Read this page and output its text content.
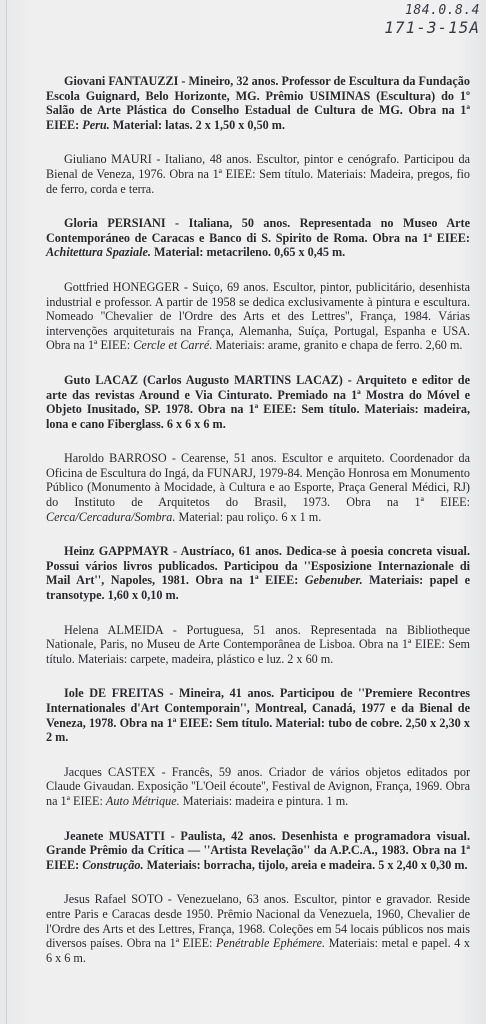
184.0.8.4
171-3-15A

Giovani FANTAUZZI - Mineiro, 32 anos. Professor de Escultura da Fundação Escola Guignard, Belo Horizonte, MG. Prêmio USIMINAS (Escultura) do 1º Salão de Arte Plástica do Conselho Estadual de Cultura de MG. Obra na 1ª EIEE: Peru. Material: latas. 2 x 1,50 x 0,50 m.

Giuliano MAURI - Italiano, 48 anos. Escultor, pintor e cenógrafo. Participou da Bienal de Veneza, 1976. Obra na 1ª EIEE: Sem título. Materiais: Madeira, pregos, fio de ferro, corda e terra.

Gloria PERSIANI - Italiana, 50 anos. Representada no Museo Arte Contemporáneo de Caracas e Banco di S. Spirito de Roma. Obra na 1ª EIEE: Achitettura Spaziale. Material: metacrileno. 0,65 x 0,45 m.

Gottfried HONEGGER - Suiço, 69 anos. Escultor, pintor, publicitário, desenhista industrial e professor. A partir de 1958 se dedica exclusivamente à pintura e escultura. Nomeado ''Chevalier de l'Ordre des Arts et des Lettres'', França, 1984. Várias intervenções arquiteturais na França, Alemanha, Suíça, Portugal, Espanha e USA. Obra na 1ª EIEE: Cercle et Carré. Materiais: arame, granito e chapa de ferro. 2,60 m.

Guto LACAZ (Carlos Augusto MARTINS LACAZ) - Arquiteto e editor de arte das revistas Around e Via Cinturato. Premiado na 1ª Mostra do Móvel e Objeto Inusitado, SP. 1978. Obra na 1ª EIEE: Sem título. Materiais: madeira, lona e cano Fiberglass. 6 x 6 x 6 m.

Haroldo BARROSO - Cearense, 51 anos. Escultor e arquiteto. Coordenador da Oficina de Escultura do Ingá, da FUNARJ, 1979-84. Menção Honrosa em Monumento Público (Monumento à Mocidade, à Cultura e ao Esporte, Praça General Médici, RJ) do Instituto de Arquitetos do Brasil, 1973. Obra na 1ª EIEE: Cerca/Cercadura/Sombra. Material: pau roliço. 6 x 1 m.

Heinz GAPPMAYR - Austríaco, 61 anos. Dedica-se à poesia concreta visual. Possui vários livros publicados. Participou da ''Esposizione Internazionale di Mail Art'', Napoles, 1981. Obra na 1ª EIEE: Gebenuber. Materiais: papel e transotype. 1,60 x 0,10 m.

Helena ALMEIDA - Portuguesa, 51 anos. Representada na Bibliotheque Nationale, Paris, no Museu de Arte Contemporânea de Lisboa. Obra na 1ª EIEE: Sem título. Materiais: carpete, madeira, plástico e luz. 2 x 60 m.

Iole DE FREITAS - Mineira, 41 anos. Participou de ''Premiere Recontres Internationales d'Art Contemporain'', Montreal, Canadá, 1977 e da Bienal de Veneza, 1978. Obra na 1ª EIEE: Sem título. Material: tubo de cobre. 2,50 x 2,30 x 2 m.

Jacques CASTEX - Francês, 59 anos. Criador de vários objetos editados por Claude Givaudan. Exposição ''L'Oeil écoute'', Festival de Avignon, França, 1969. Obra na 1ª EIEE: Auto Métrique. Materiais: madeira e pintura. 1 m.

Jeanete MUSATTI - Paulista, 42 anos. Desenhista e programadora visual. Grande Prêmio da Crítica — ''Artista Revelação'' da A.P.C.A., 1983. Obra na 1ª EIEE: Construção. Materiais: borracha, tijolo, areia e madeira. 5 x 2,40 x 0,30 m.

Jesus Rafael SOTO - Venezuelano, 63 anos. Escultor, pintor e gravador. Reside entre Paris e Caracas desde 1950. Prêmio Nacional da Venezuela, 1960, Chevalier de l'Ordre des Arts et des Lettres, França, 1968. Coleções em 54 locais públicos nos mais diversos países. Obra na 1ª EIEE: Penétrable Ephémere. Materiais: metal e papel. 4 x 6 x 6 m.
